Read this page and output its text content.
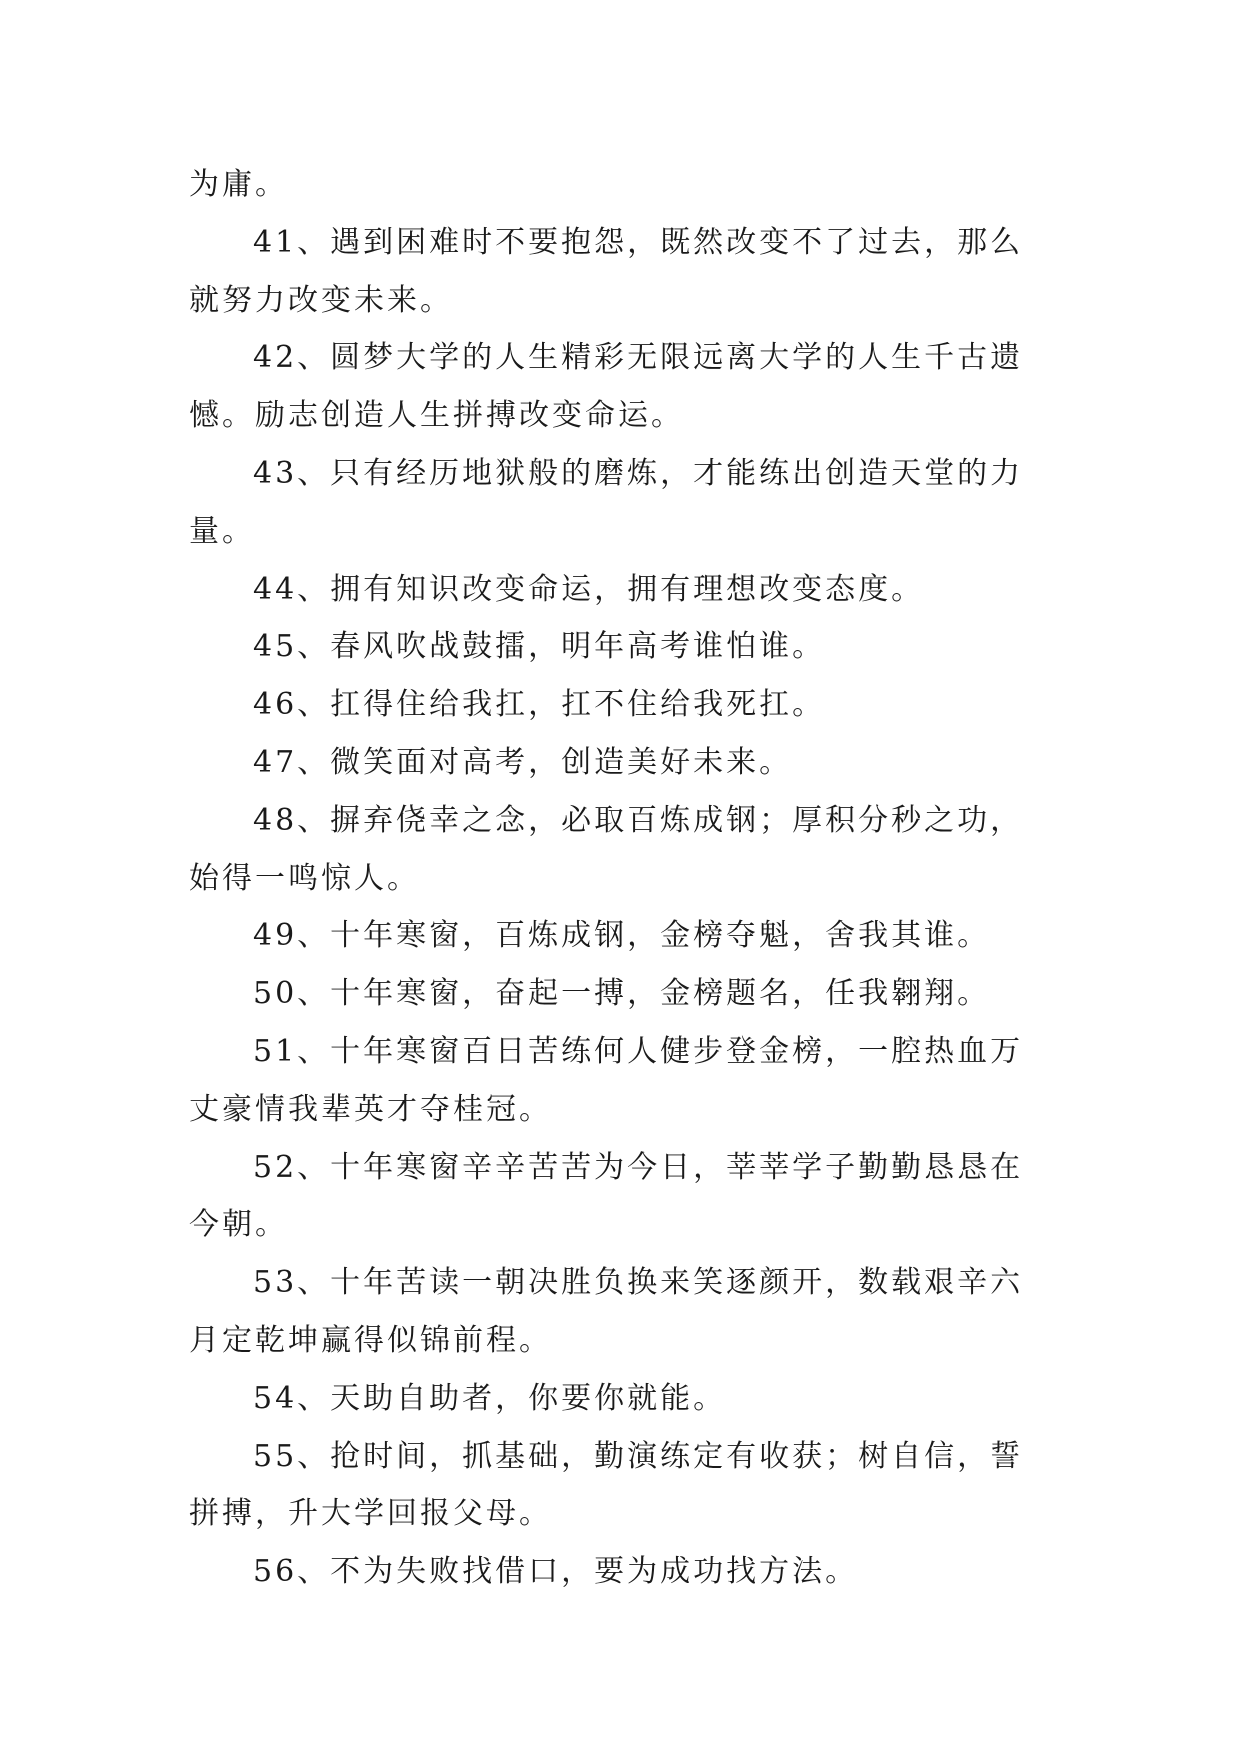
为庸。

41、遇到困难时不要抱怨，既然改变不了过去，那么就努力改变未来。

42、圆梦大学的人生精彩无限远离大学的人生千古遗憾。励志创造人生拼搏改变命运。

43、只有经历地狱般的磨炼，才能练出创造天堂的力量。

44、拥有知识改变命运，拥有理想改变态度。

45、春风吹战鼓擂，明年高考谁怕谁。

46、扛得住给我扛，扛不住给我死扛。

47、微笑面对高考，创造美好未来。

48、摒弃侥幸之念，必取百炼成钢；厚积分秒之功，始得一鸣惊人。

49、十年寒窗，百炼成钢，金榜夺魁，舍我其谁。

50、十年寒窗，奋起一搏，金榜题名，任我翱翔。

51、十年寒窗百日苦练何人健步登金榜，一腔热血万丈豪情我辈英才夺桂冠。

52、十年寒窗辛辛苦苦为今日，莘莘学子勤勤恳恳在今朝。

53、十年苦读一朝决胜负换来笑逐颜开，数载艰辛六月定乾坤赢得似锦前程。

54、天助自助者，你要你就能。

55、抢时间，抓基础，勤演练定有收获；树自信，誓拼搏，升大学回报父母。

56、不为失败找借口，要为成功找方法。
